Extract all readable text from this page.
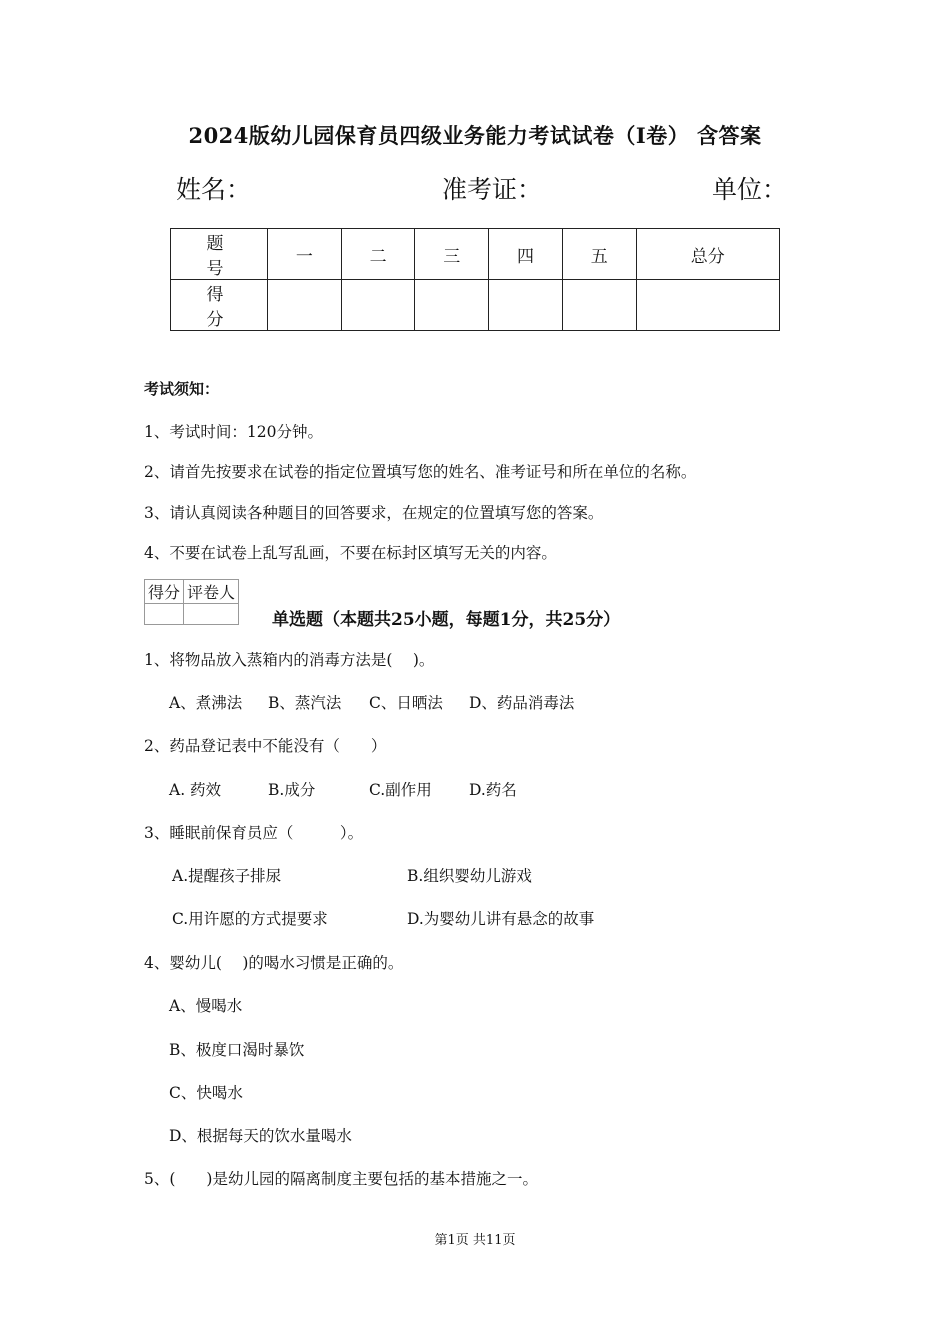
2024版幼儿园保育员四级业务能力考试试卷（I卷） 含答案
姓名：	准考证：	单位：
题　号	一	二	三	四	五	总分
得　分						
考试须知：
1、考试时间：120分钟。
2、请首先按要求在试卷的指定位置填写您的姓名、准考证号和所在单位的名称。
3、请认真阅读各种题目的回答要求，在规定的位置填写您的答案。
4、不要在试卷上乱写乱画，不要在标封区填写无关的内容。
得分	评卷人

单选题（本题共25小题，每题1分，共25分）
1、将物品放入蒸箱内的消毒方法是(　 )。
A、煮沸法 B、蒸汽法 C、日晒法 D、药品消毒法
2、药品登记表中不能没有（　　）
A. 药效	B.成分	C.副作用 D.药名
3、睡眠前保育员应（　　　）。
A.提醒孩子排尿	B.组织婴幼儿游戏
C.用许愿的方式提要求	D.为婴幼儿讲有悬念的故事
4、婴幼儿(　 )的喝水习惯是正确的。
A、慢喝水
B、极度口渴时暴饮
C、快喝水
D、根据每天的饮水量喝水
5、(　　)是幼儿园的隔离制度主要包括的基本措施之一。
第1页 共11页
